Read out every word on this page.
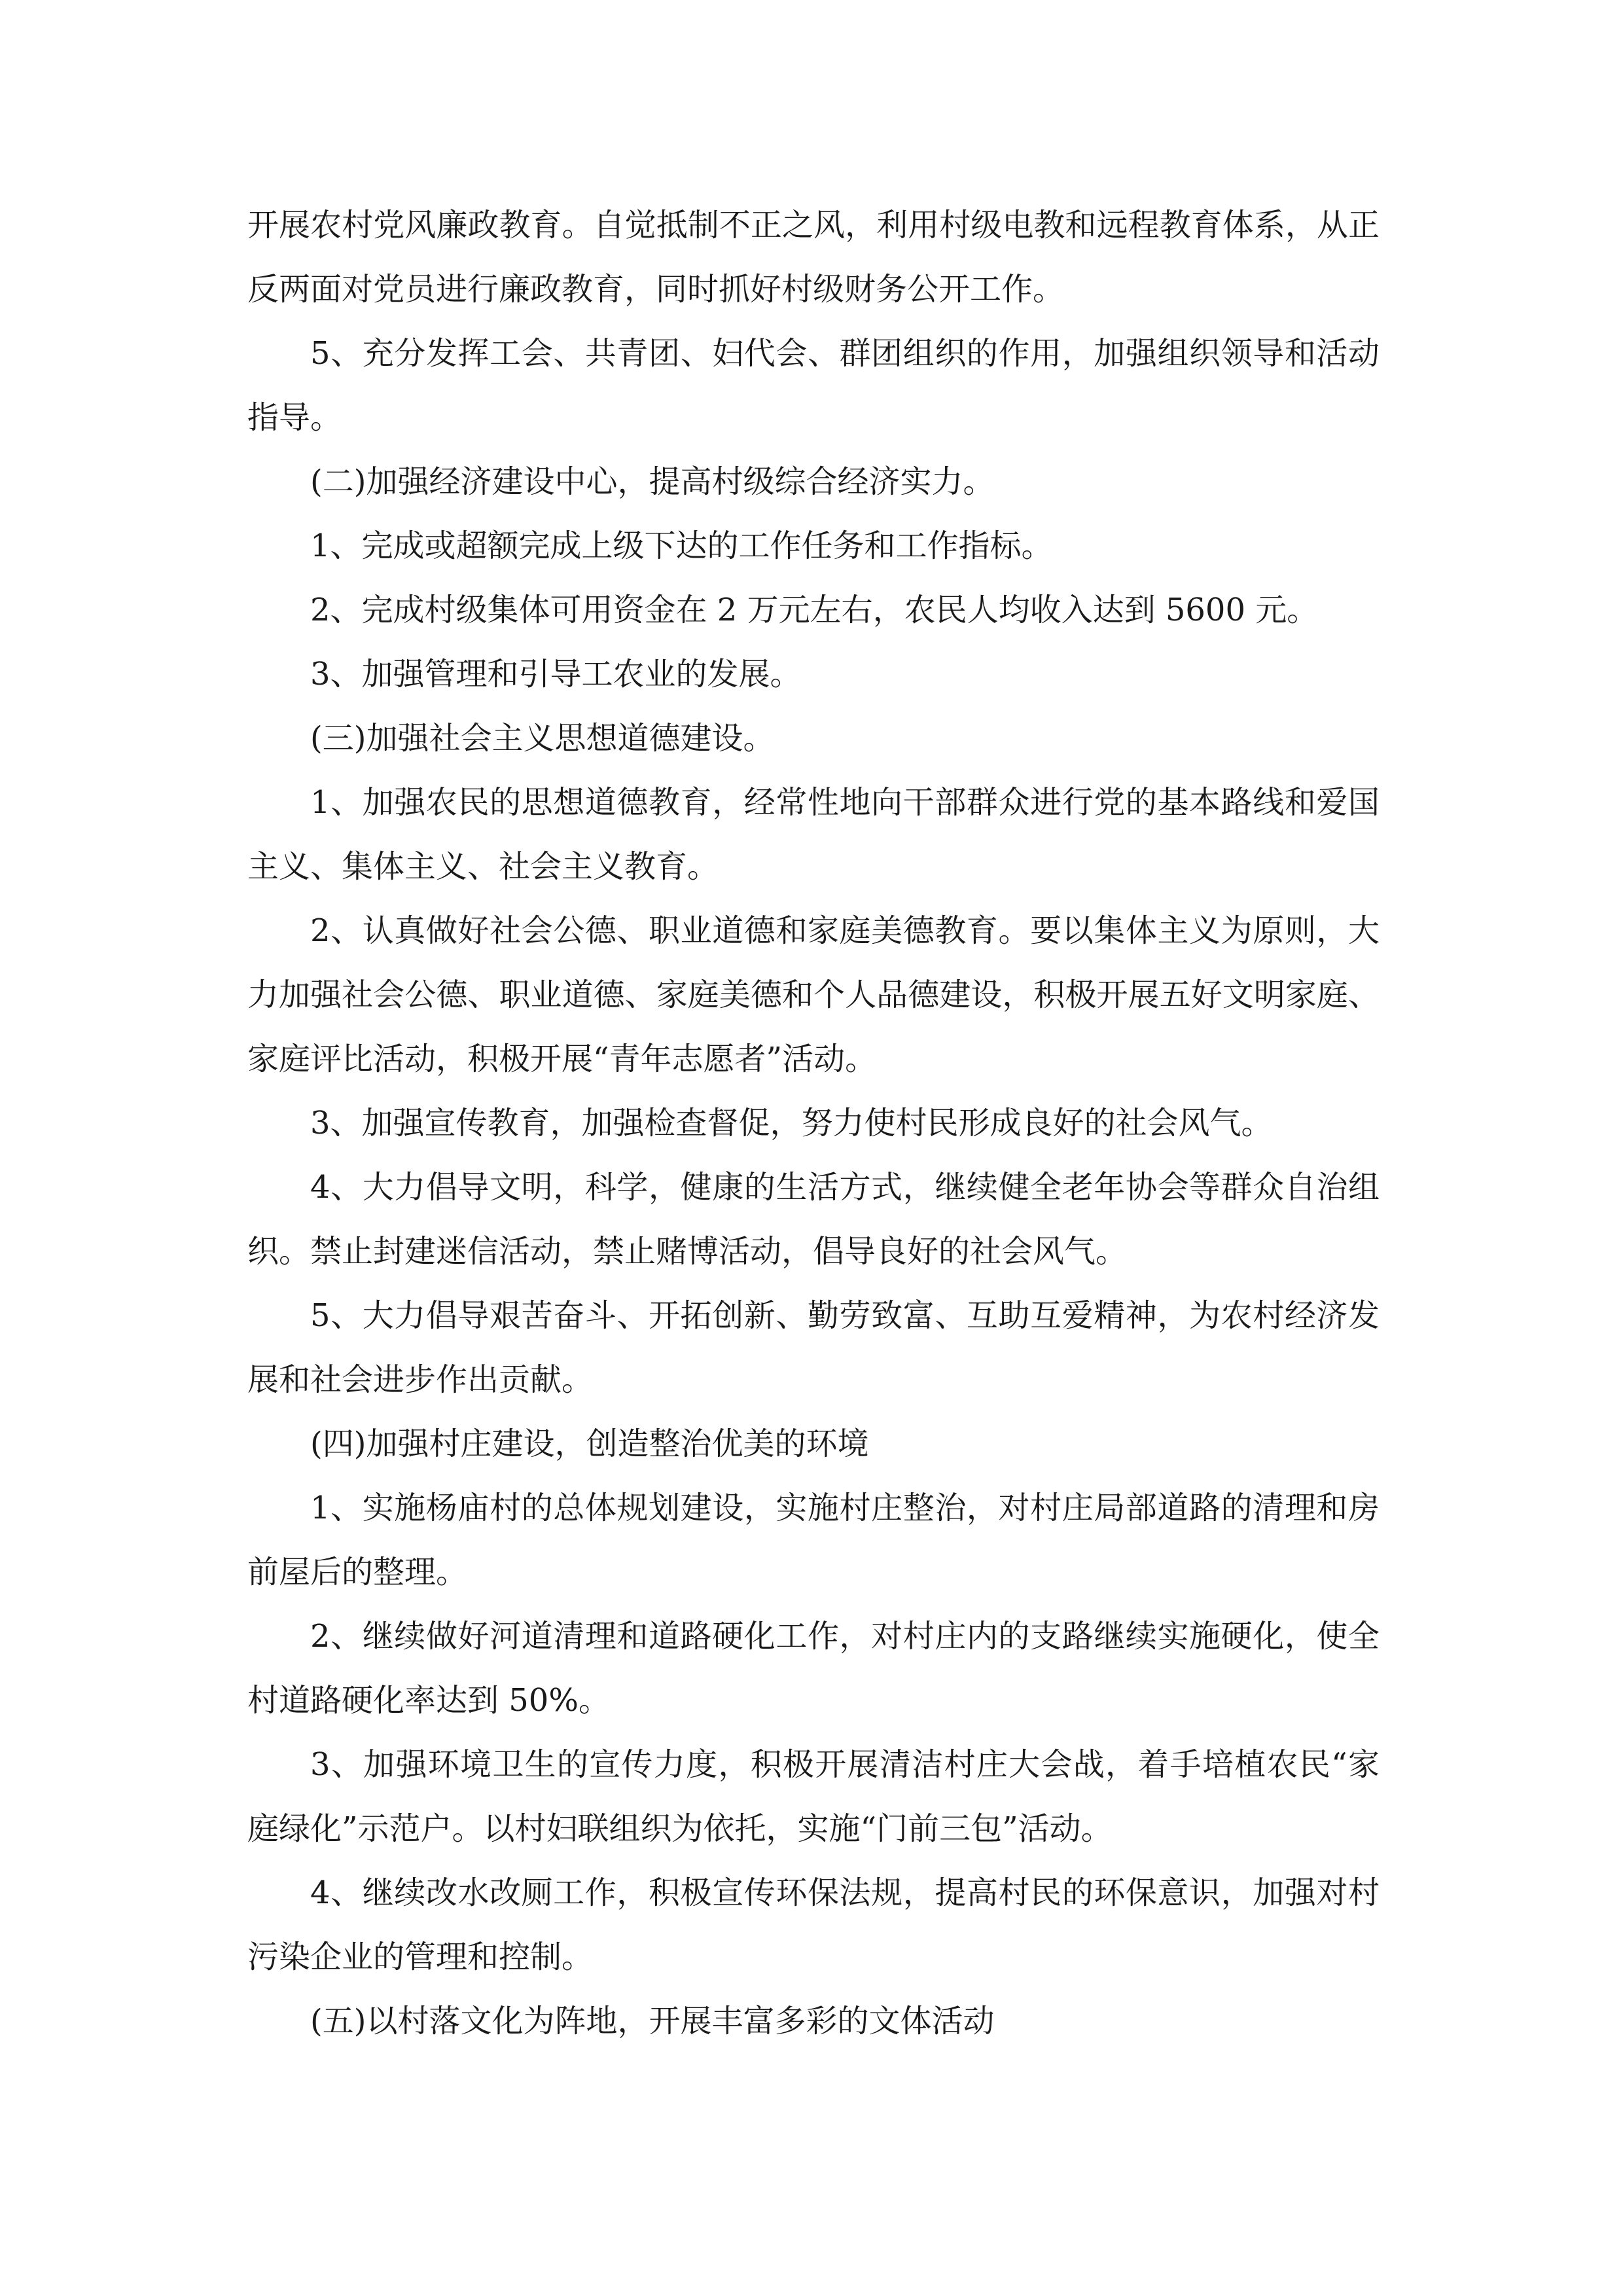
开展农村党风廉政教育。自觉抵制不正之风，利用村级电教和远程教育体系，从正反两面对党员进行廉政教育，同时抓好村级财务公开工作。

5、充分发挥工会、共青团、妇代会、群团组织的作用，加强组织领导和活动指导。

(二)加强经济建设中心，提高村级综合经济实力。

1、完成或超额完成上级下达的工作任务和工作指标。

2、完成村级集体可用资金在 2 万元左右，农民人均收入达到 5600 元。

3、加强管理和引导工农业的发展。

(三)加强社会主义思想道德建设。

1、加强农民的思想道德教育，经常性地向干部群众进行党的基本路线和爱国主义、集体主义、社会主义教育。

2、认真做好社会公德、职业道德和家庭美德教育。要以集体主义为原则，大力加强社会公德、职业道德、家庭美德和个人品德建设，积极开展五好文明家庭、家庭评比活动，积极开展“青年志愿者”活动。

3、加强宣传教育，加强检查督促，努力使村民形成良好的社会风气。

4、大力倡导文明，科学，健康的生活方式，继续健全老年协会等群众自治组织。禁止封建迷信活动，禁止赌博活动，倡导良好的社会风气。

5、大力倡导艰苦奋斗、开拓创新、勤劳致富、互助互爱精神，为农村经济发展和社会进步作出贡献。

(四)加强村庄建设，创造整治优美的环境

1、实施杨庙村的总体规划建设，实施村庄整治，对村庄局部道路的清理和房前屋后的整理。

2、继续做好河道清理和道路硬化工作，对村庄内的支路继续实施硬化，使全村道路硬化率达到 50%。

3、加强环境卫生的宣传力度，积极开展清洁村庄大会战，着手培植农民“家庭绿化”示范户。以村妇联组织为依托，实施“门前三包”活动。

4、继续改水改厕工作，积极宣传环保法规，提高村民的环保意识，加强对村污染企业的管理和控制。

(五)以村落文化为阵地，开展丰富多彩的文体活动
